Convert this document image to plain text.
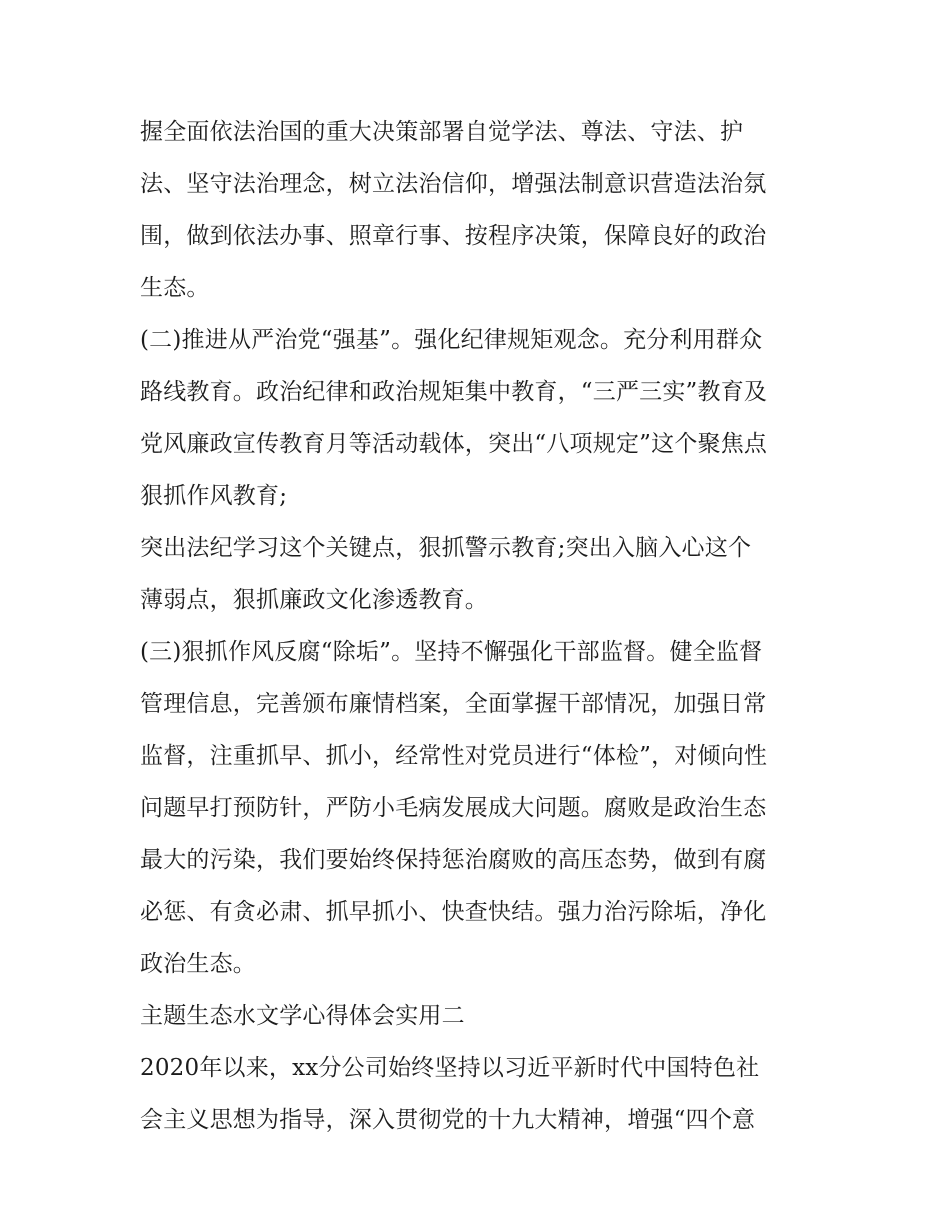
握全面依法治国的重大决策部署自觉学法、尊法、守法、护
法、坚守法治理念，树立法治信仰，增强法制意识营造法治氛
围，做到依法办事、照章行事、按程序决策，保障良好的政治
生态。
(二)推进从严治党“强基”。强化纪律规矩观念。充分利用群众
路线教育。政治纪律和政治规矩集中教育，“三严三实”教育及
党风廉政宣传教育月等活动载体，突出“八项规定”这个聚焦点
狠抓作风教育;
突出法纪学习这个关键点，狠抓警示教育;突出入脑入心这个
薄弱点，狠抓廉政文化渗透教育。
(三)狠抓作风反腐“除垢”。坚持不懈强化干部监督。健全监督
管理信息，完善颁布廉情档案，全面掌握干部情况，加强日常
监督，注重抓早、抓小，经常性对党员进行“体检”，对倾向性
问题早打预防针，严防小毛病发展成大问题。腐败是政治生态
最大的污染，我们要始终保持惩治腐败的高压态势，做到有腐
必惩、有贪必肃、抓早抓小、快查快结。强力治污除垢，净化
政治生态。
主题生态水文学心得体会实用二
2020年以来，xx分公司始终坚持以习近平新时代中国特色社
会主义思想为指导，深入贯彻党的十九大精神，增强“四个意
